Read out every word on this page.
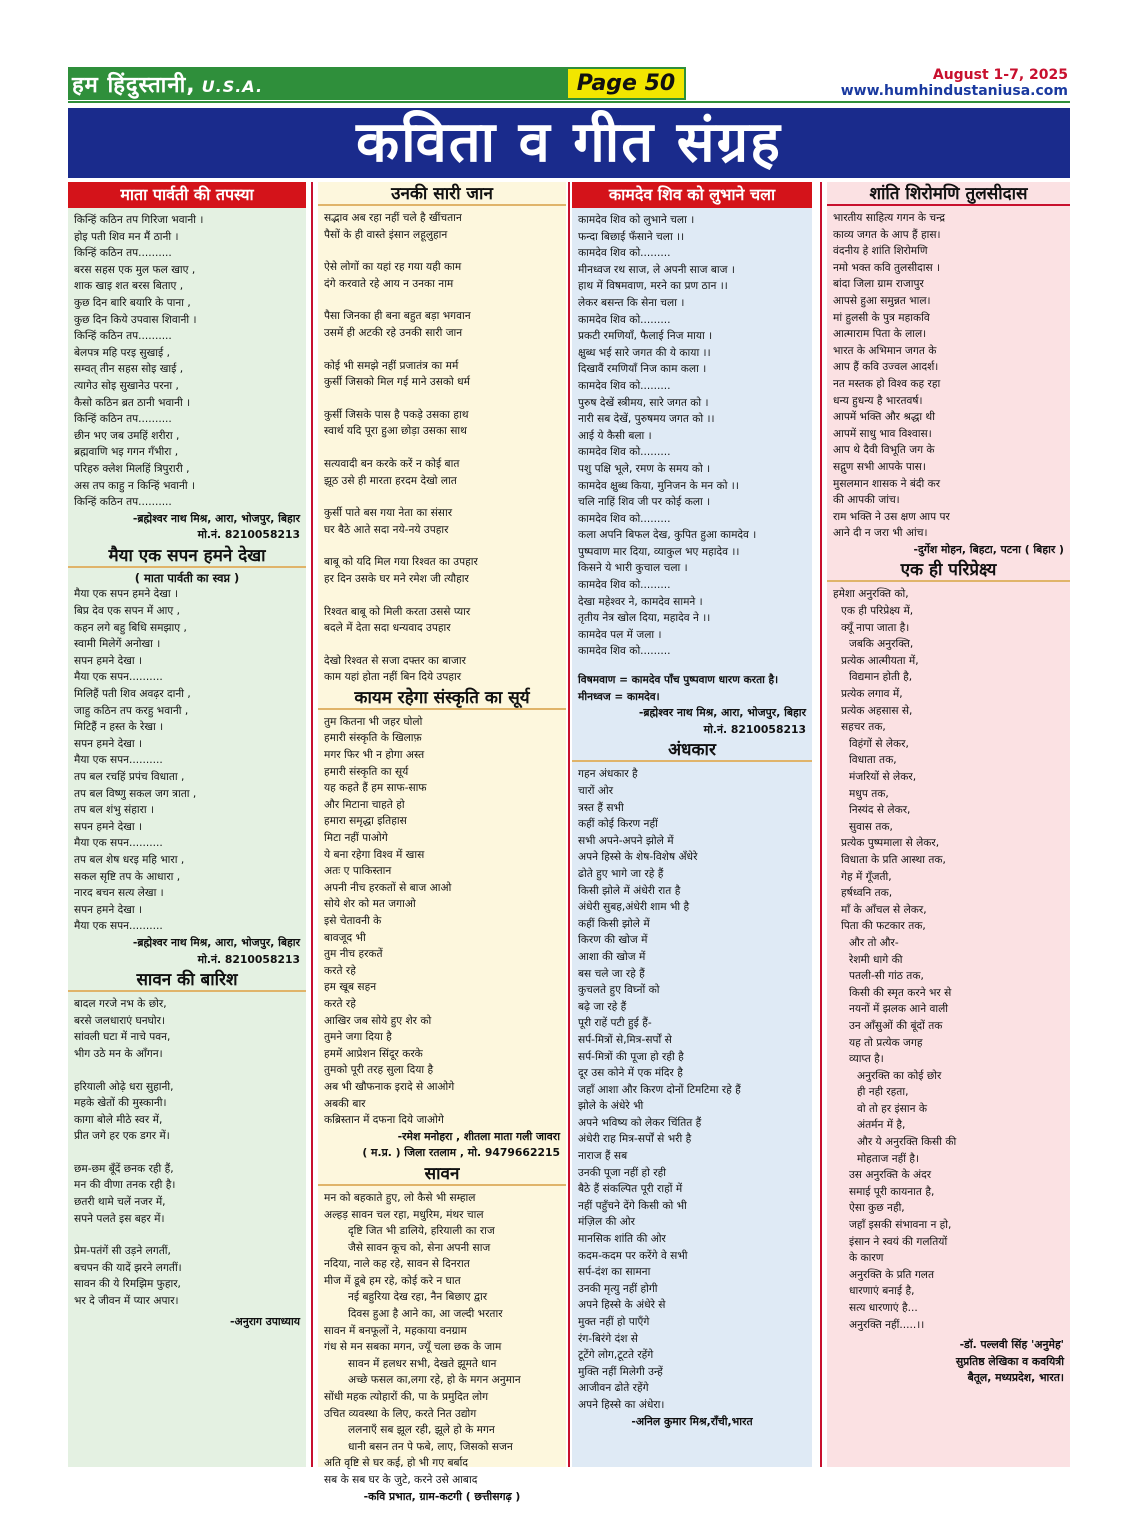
हम हिंदुस्तानी, U.S.A.	Page 50	August 1-7, 2025
www.humhindustaniusa.com
कविता व गीत संग्रह
माता पार्वती की तपस्या

किन्हिं कठिन तप गिरिजा भवानी ।

होइ पती शिव मन मैं ठानी ।

किन्हिं कठिन तप..........

बरस सहस एक मुल फल खाए ,

शाक खाइ शत बरस बिताए ,

कुछ दिन बारि बयारि के पाना ,

कुछ दिन किये उपवास शिवानी ।

किन्हिं कठिन तप..........

बेलपत्र महि परइ सुखाई ,

सम्वत् तीन सहस सोइ खाई ,

त्यागेउ सोइ सुखानेउ परना ,

कैसो कठिन ब्रत ठानी भवानी ।

किन्हिं कठिन तप..........

छीन भए जब उमहिं शरीरा ,

ब्रह्मवाणि भइ गगन गँभीरा ,

परिहरु क्लेश मिलहिं त्रिपुरारी ,

अस तप काहु न किन्हिं भवानी ।

किन्हिं कठिन तप..........

-ब्रह्मेश्वर नाथ मिश्र, आरा, भोजपुर, बिहार

मो.नं. 8210058213

मैया एक सपन हमने देखा

( माता पार्वती का स्वप्न )

मैया एक सपन हमने देखा ।

बिप्र देव एक सपन में आए ,

कहन लगे बहु बिधि समझाए ,

स्वामी मिलेगें अनोखा ।

सपन हमने देखा ।

मैया एक सपन..........

मिलिहैं पती शिव अवढ़र दानी ,

जाहु कठिन तप करहु भवानी ,

मिटिहैं न हस्त के रेखा ।

सपन हमने देखा ।

मैया एक सपन..........

तप बल रचहिं प्रपंच विधाता ,

तप बल विष्णु सकल जग त्राता ,

तप बल शंभु संहारा ।

सपन हमने देखा ।

मैया एक सपन..........

तप बल शेष धरइ महि भारा ,

सकल सृष्टि तप के आधारा ,

नारद बचन सत्य लेखा ।

सपन हमने देखा ।

मैया एक सपन..........

-ब्रह्मेश्वर नाथ मिश्र, आरा, भोजपुर, बिहार

मो.नं. 8210058213

सावन की बारिश

बादल गरजे नभ के छोर,

बरसे जलधाराएं घनघोर।

सांवली घटा में नाचे पवन,

भीग उठे मन के आँगन।

हरियाली ओढ़े धरा सुहानी,

महके खेतों की मुस्कानी।

कागा बोले मीठे स्वर में,

प्रीत जगे हर एक डगर में।

छम-छम बूँदें छनक रही हैं,

मन की वीणा तनक रही है।

छतरी थामे चलें नजर में,

सपने पलते इस बहर में।

प्रेम-पतंगें सी उड़ने लगतीं,

बचपन की यादें झरने लगतीं।

सावन की ये रिमझिम फुहार,

भर दे जीवन में प्यार अपार।

-अनुराग उपाध्याय

उनकी सारी जान

सद्भाव अब रहा नहीं चले है खींचतान

पैसों के ही वास्ते इंसान लहूलुहान

ऐसे लोगों का यहां रह गया यही काम

दंगे करवाते रहे आय न उनका नाम

पैसा जिनका ही बना बहुत बड़ा भगवान

उसमें ही अटकी रहे उनकी सारी जान

कोई भी समझे नहीं प्रजातंत्र का मर्म

कुर्सी जिसको मिल गई माने उसको धर्म

कुर्सी जिसके पास है पकड़े उसका हाथ

स्वार्थ यदि पूरा हुआ छोड़ा उसका साथ

सत्यवादी बन करके करें न कोई बात

झूठ उसे ही मारता हरदम देखो लात

कुर्सी पाते बस गया नेता का संसार

घर बैठे आते सदा नये-नये उपहार

बाबू को यदि मिल गया रिश्वत का उपहार

हर दिन उसके घर मने रमेश जी त्यौहार

रिश्वत बाबू को मिली करता उससे प्यार

बदले में देता सदा धन्यवाद उपहार

देखो रिश्वत से सजा दफ्तर का बाजार

काम यहां होता नहीं बिन दिये उपहार

कायम रहेगा संस्कृति का सूर्य

तुम कितना भी जहर घोलो

हमारी संस्कृति के खिलाफ़

मगर फिर भी न होगा अस्त

हमारी संस्कृति का सूर्य

यह कहते हैं हम साफ-साफ

और मिटाना चाहते हो

हमारा समृद्धा इतिहास

मिटा नहीं पाओगे

ये बना रहेगा विश्व में खास

अतः ए पाकिस्तान

अपनी नीच हरकतों से बाज आओ

सोये शेर को मत जगाओ

इसे चेतावनी के

बावजूद भी

तुम नीच हरकतें

करते रहे

हम खूब सहन

करते रहे

आखिर जब सोये हुए शेर को

तुमने जगा दिया है

हममें आप्रेशन सिंदूर करके

तुमको पूरी तरह सुला दिया है

अब भी खौफनाक इरादे से आओगे

अबकी बार

कब्रिस्तान में दफना दिये जाओगे

-रमेश मनोहरा , शीतला माता गली जावरा

( म.प्र. ) जिला रतलाम , मो. 9479662215

सावन

मन को बहकाते हुए, लो कैसे भी सम्हाल

अल्हड़ सावन चल रहा, मधुरिम, मंथर चाल

दृष्टि जित भी डालिये, हरियाली का राज

जैसे सावन कूच को, सेना अपनी साज

नदिया, नाले कह रहे, सावन से दिनरात

मीज में डूबे हम रहे, कोई करे न घात

नई बहुरिया देख रहा, नैन बिछाए द्वार

दिवस हुआ है आने का, आ जल्दी भरतार

सावन में बनफूलों ने, महकाया वनग्राम

गंध से मन सबका मगन, ज्यूँ चला छक के जाम

सावन में हलधर सभी, देखते झूमते धान

अच्छे फसल का,लगा रहे, हो के मगन अनुमान

सोंधी महक त्योहारों की, पा के प्रमुदित लोग

उचित व्यवस्था के लिए, करते नित उद्योग

ललनाएँ सब झूल रही, झूले हो के मगन

धानी बसन तन पे फबे, लाए, जिसको सजन

अति वृष्टि से घर कई, हो भी गए बर्बाद

सब के सब घर के जुटे, करने उसे आबाद

-कवि प्रभात, ग्राम-कटगी ( छत्तीसगढ़ )

कामदेव शिव को लुभाने चला

कामदेव शिव को लुभाने चला ।

फन्दा बिछाई फँसाने चला ।।

कामदेव शिव को.........

मीनध्वज रथ साज, ले अपनी साज बाज ।

हाथ में विषमवाण, मरने का प्रण ठान ।।

लेकर बसन्त कि सेना चला ।

कामदेव शिव को.........

प्रकटी रमणियाँ, फैलाई निज माया ।

क्षुब्ध भई सारे जगत की ये काया ।।

दिखावैं रमणियाँ निज काम कला ।

कामदेव शिव को.........

पुरुष देखें स्त्रीमय, सारे जगत को ।

नारी सब देखें, पुरुषमय जगत को ।।

आई ये कैसी बला ।

कामदेव शिव को.........

पशु पक्षि भूले, रमण के समय को ।

कामदेव क्षुब्ध किया, मुनिजन के मन को ।।

चलि नाहिं शिव जी पर कोई कला ।

कामदेव शिव को.........

कला अपनि बिफल देख, कुपित हुआ कामदेव ।

पुष्पवाण मार दिया, व्याकुल भए महादेव ।।

किसने ये भारी कुचाल चला ।

कामदेव शिव को.........

देखा महेश्वर ने, कामदेव सामने ।

तृतीय नेत्र खोल दिया, महादेव ने ।।

कामदेव पल में जला ।

कामदेव शिव को.........

विषमवाण = कामदेव पाँच पुष्पवाण धारण करता है।

मीनध्वज = कामदेव।

-ब्रह्मेश्वर नाथ मिश्र, आरा, भोजपुर, बिहार

मो.नं. 8210058213

अंधकार

गहन अंधकार है

चारों ओर

त्रस्त हैं सभी

कहीं कोई किरण नहीं

सभी अपने-अपने झोले में

अपने हिस्से के शेष-विशेष अँधेरे

ढोते हुए भागे जा रहे हैं

किसी झोले में अंधेरी रात है

अंधेरी सुबह,अंधेरी शाम भी है

कहीं किसी झोले में

किरण की खोज में

आशा की खोज में

बस चले जा रहे हैं

कुचलते हुए विघ्नों को

बढ़े जा रहे हैं

पूरी राहें पटी हुई हैं-

सर्प-मित्रों से,मित्र-सर्पों से

सर्प-मित्रों की पूजा हो रही है

दूर उस कोने में एक मंदिर है

जहाँ आशा और किरण दोनों टिमटिमा रहे हैं

झोले के अंधेरे भी

अपने भविष्य को लेकर चिंतित हैं

अंधेरी राह मित्र-सर्पों से भरी है

नाराज हैं सब

उनकी पूजा नहीं हो रही

बैठे हैं संकल्पित पूरी राहों में

नहीं पहुँचने देंगे किसी को भी

मंज़िल की ओर

मानसिक शांति की ओर

कदम-कदम पर करेंगे वे सभी

सर्प-दंश का सामना

उनकी मृत्यु नहीं होगी

अपने हिस्से के अंधेरे से

मुक्त नहीं हो पाएँगे

रंग-बिरंगे दंश से

टूटेंगे लोग,टूटते रहेंगे

मुक्ति नहीं मिलेगी उन्हें

आजीवन ढोते रहेंगे

अपने हिस्से का अंधेरा।

-अनिल कुमार मिश्र,राँची,भारत

शांति शिरोमणि तुलसीदास

भारतीय साहित्य गगन के चन्द्र

काव्य जगत के आप हैं हास।

वंदनीय हे शांति शिरोमणि

नमो भक्त कवि तुलसीदास ।

बांदा जिला ग्राम राजापुर

आपसे हुआ समुन्नत भाल।

मां हुलसी के पुत्र महाकवि

आत्माराम पिता के लाल।

भारत के अभिमान जगत के

आप हैं कवि उज्वल आदर्श।

नत मस्तक हो विश्व कह रहा

धन्य हुधन्य है भारतवर्ष।

आपमें भक्ति और श्रद्धा थी

आपमें साधु भाव विश्वास।

आप थे दैवी विभूति जग के

सद्गुण सभी आपके पास।

मुसलमान शासक ने बंदी कर

की आपकी जांच।

राम भक्ति ने उस क्षण आप पर

आने दी न जरा भी आंच।

-दुर्गेश मोहन, बिहटा, पटना ( बिहार )

एक ही परिप्रेक्ष्य

हमेशा अनुरक्ति को,

एक ही परिप्रेक्ष्य में,

क्यूँ नापा जाता है।

जबकि अनुरक्ति,

प्रत्येक आत्मीयता में,

विद्यमान होती है,

प्रत्येक लगाव में,

प्रत्येक अहसास से,

सहचर तक,

विहंगों से लेकर,

विधाता तक,

मंजरियों से लेकर,

मधुप तक,

निस्यंद से लेकर,

सुवास तक,

प्रत्येक पुष्पमाला से लेकर,

विधाता के प्रति आस्था तक,

गेह में गूँजती,

हर्षध्वनि तक,

माँ के आँचल से लेकर,

पिता की फटकार तक,

और तो और-

रेशमी धागे की

पतली-सी गांठ तक,

किसी की स्मृत करने भर से

नयनों में झलक आने वाली

उन आँसुओं की बूंदों तक

यह तो प्रत्येक जगह

व्याप्त है।

अनुरक्ति का कोई छोर

ही नही रहता,

वो तो हर इंसान के

अंतर्मन में है,

और ये अनुरक्ति किसी की

मोहताज नहीं है।

उस अनुरक्ति के अंदर

समाई पूरी कायनात है,

ऐसा कुछ नही,

जहाँ इसकी संभावना न हो,

इंसान ने स्वयं की गलतियों

के कारण

अनुरक्ति के प्रति गलत

धारणाएं बनाई है,

सत्य धारणाएं है...

अनुरक्ति नहीं.....।।

-डॉ. पल्लवी सिंह 'अनुमेह'

सुप्रतिष्ठ लेखिका व कवयित्री

बैतूल, मध्यप्रदेश, भारत।
